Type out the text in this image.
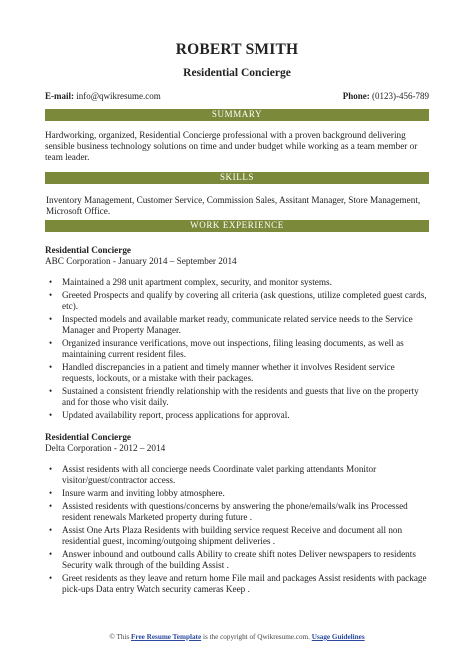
ROBERT SMITH
Residential Concierge
E-mail: info@qwikresume.com	Phone: (0123)-456-789
SUMMARY
Hardworking, organized, Residential Concierge professional with a proven background delivering sensible business technology solutions on time and under budget while working as a team member or team leader.
SKILLS
Inventory Management, Customer Service, Commission Sales, Assitant Manager, Store Management, Microsoft Office.
WORK EXPERIENCE
Residential Concierge
ABC Corporation - January 2014 – September 2014
• Maintained a 298 unit apartment complex, security, and monitor systems.
• Greeted Prospects and qualify by covering all criteria (ask questions, utilize completed guest cards, etc).
• Inspected models and available market ready, communicate related service needs to the Service Manager and Property Manager.
• Organized insurance verifications, move out inspections, filing leasing documents, as well as maintaining current resident files.
• Handled discrepancies in a patient and timely manner whether it involves Resident service requests, lockouts, or a mistake with their packages.
• Sustained a consistent friendly relationship with the residents and guests that live on the property and for those who visit daily.
• Updated availability report, process applications for approval.
Residential Concierge
Delta Corporation - 2012 – 2014
• Assist residents with all concierge needs Coordinate valet parking attendants Monitor visitor/guest/contractor access.
• Insure warm and inviting lobby atmosphere.
• Assisted residents with questions/concerns by answering the phone/emails/walk ins Processed resident renewals Marketed property during future .
• Assist One Arts Plaza Residents with building service request Receive and document all non residential guest, incoming/outgoing shipment deliveries .
• Answer inbound and outbound calls Ability to create shift notes Deliver newspapers to residents Security walk through of the building Assist .
• Greet residents as they leave and return home File mail and packages Assist residents with package pick-ups Data entry Watch security cameras Keep .
© This Free Resume Template is the copyright of Qwikresume.com. Usage Guidelines
